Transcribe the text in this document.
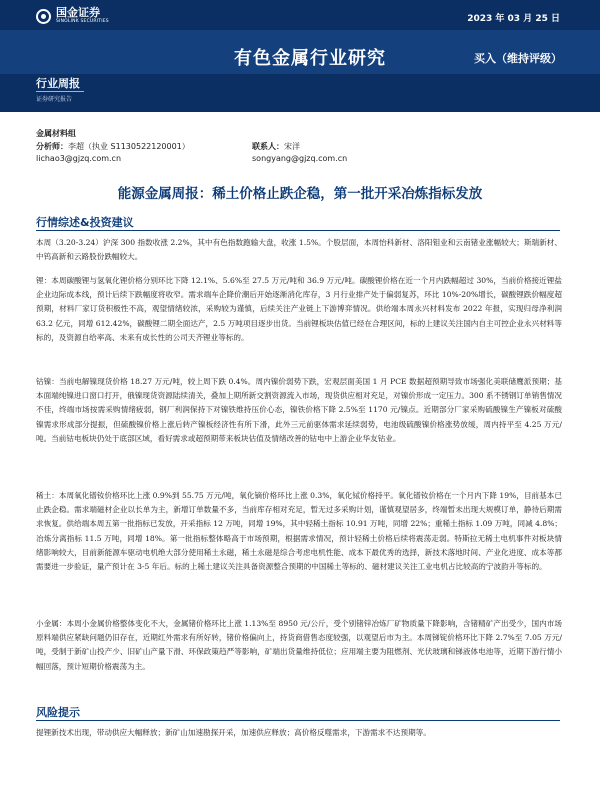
国金证券
SINOLINK SECURITIES	2023 年 03 月 25 日
有色金属行业研究	买入（维持评级）
行业周报
证券研究报告
金属材料组
分析师：李超（执业 S1130522120001）	联系人：宋洋
lichao3@gjzq.com.cn	songyang@gjzq.com.cn
能源金属周报：稀土价格止跌企稳，第一批开采冶炼指标发放
行情综述&投资建议
本周（3.20-3.24）沪深 300 指数收涨 2.2%，其中有色指数跑输大盘，收涨 1.5%。个股层面，本周怡科新材、洛阳钼业和云南锗业涨幅较大；斯瑞新材、中钨高新和云路股份跌幅较大。
锂：本周碳酸锂与氢氧化锂价格分别环比下降 12.1%、5.6%至 27.5 万元/吨和 36.9 万元/吨。碳酸锂价格在近一个月内跌幅超过 30%，当前价格接近锂盐企业边际成本线，预计后续下跌幅度将收窄。需求端车企降价潮后开始逐渐消化库存，3 月行业排产处于偏弱复苏，环比 10%-20%增长，碳酸锂跌价幅度超预期，材料厂家订货积极性不高，观望情绪较浓，采购较为谨慎，后续关注产业链上下游博弈情况。供给端本周永兴材料发布 2022 年报，实现归母净利润 63.2 亿元，同增 612.42%，碳酸锂二期全面达产，2.5 万吨项目逐步出货。当前锂板块估值已经在合理区间，标的上建议关注国内自主可控企业永兴材料等标的，及资源自给率高、未来有成长性的公司天齐锂业等标的。
钴镍：当前电解镍现货价格 18.27 万元/吨，较上周下跌 0.4%。周内镍价弱势下跌，宏观层面美国 1 月 PCE 数据超预期导致市场强化美联储鹰派预期；基本面端纯镍进口窗口打开，俄镍现货资源陆续清关，叠加上期所新交割资源流入市场，现货供应相对充足，对镍价形成一定压力。300 系不锈钢订单销售情况不佳，终端市场按需采购情绪疲弱，钢厂利润保持下对镍铁维持压价心态，镍铁价格下降 2.5%至 1170 元/镍点。近期部分厂家采购硫酸镍生产镍板对硫酸镍需求形成部分提振，但硫酸镍价格上涨后转产镍板经济性有所下滑，此外三元前驱体需求延续弱势，电池级硫酸镍价格涨势放缓，周内持平至 4.25 万元/吨。当前钴电板块仍处于底部区域，看好需求或超预期带来板块估值及情绪改善的钴电中上游企业华友钴业。
稀土：本周氧化镨钕价格环比上涨 0.9%到 55.75 万元/吨，氧化镝价格环比上涨 0.3%，氧化铽价格持平。氧化镨钕价格在一个月内下降 19%，目前基本已止跌企稳。需求端磁材企业以长单为主，新增订单数量不多，当前库存相对充足，暂无过多采购计划，谨慎观望居多，终端暂未出现大规模订单，静待后期需求恢复。供给端本周五第一批指标已发放，开采指标 12 万吨，同增 19%，其中轻稀土指标 10.91 万吨，同增 22%；重稀土指标 1.09 万吨，同减 4.8%；冶炼分离指标 11.5 万吨，同增 18%。第一批指标整体略高于市场预期，根据需求情况，预计轻稀土价格后续将震荡走弱。特斯拉无稀土电机事件对板块情绪影响较大，目前新能源车驱动电机绝大部分使用稀土永磁，稀土永磁是综合考虑电机性能、成本下最优秀的选择，新技术落地时间、产业化进度、成本等都需要进一步验证，量产预计在 3-5 年后。标的上稀土建议关注具备资源整合预期的中国稀土等标的、磁材建议关注工业电机占比较高的宁波韵升等标的。
小金属：本周小金属价格整体变化不大，金属锗价格环比上涨 1.13%至 8950 元/公斤，受个别锗锌冶炼厂矿物质量下降影响，含锗精矿产出受少，国内市场原料端供应紧缺问题仍旧存在，近期红外需求有所好转，锗价格偏向上，持货商借售态度较强，以观望后市为主。本周锑锭价格环比下降 2.7%至 7.05 万元/吨，受制于新矿山投产少、旧矿山产量下滑、环保政策趋严等影响，矿端出货量维持低位；应用端主要为阻燃剂、光伏玻璃和锑液体电池等，近期下游行情小幅回落，预计短期价格震荡为主。
风险提示
提锂新技术出现，带动供应大幅释放；新矿山加速勘探开采，加速供应释放；高价格反噬需求，下游需求不达预期等。
